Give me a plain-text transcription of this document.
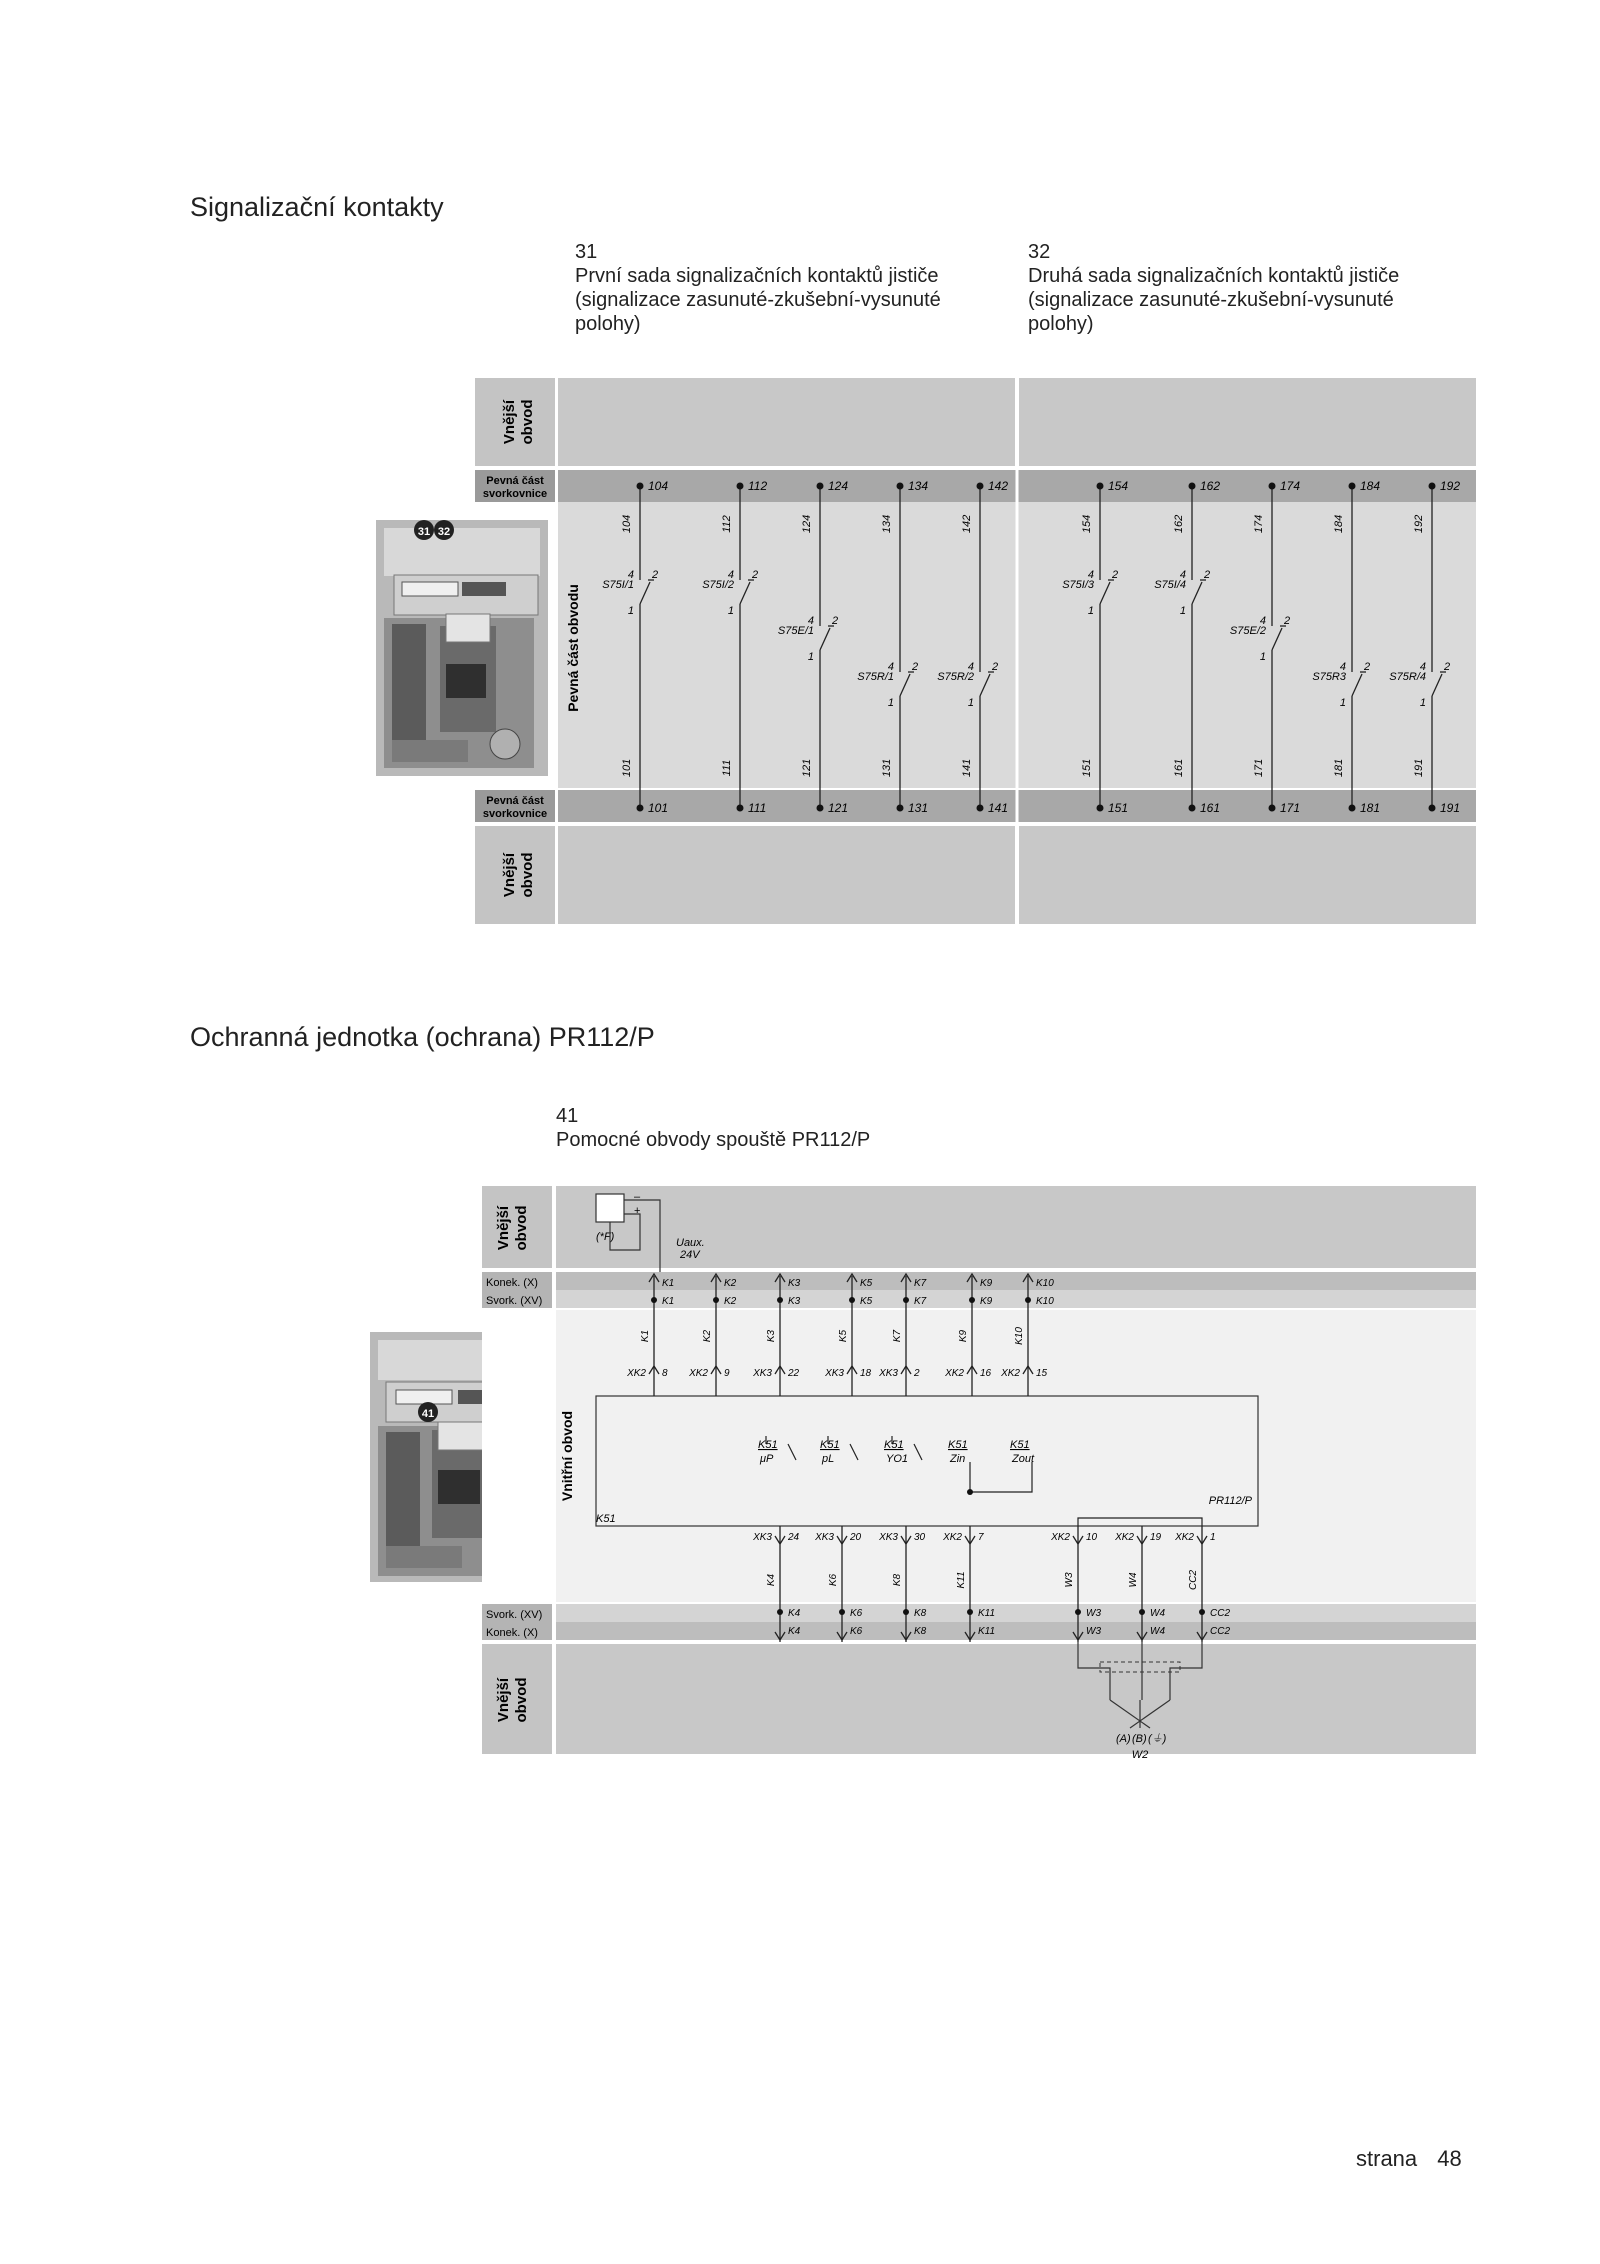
Signalizační kontakty
31
První sada signalizačních kontaktů jističe (signalizace zasunuté-zkušební-vysunuté polohy)
32
Druhá sada signalizačních kontaktů jističe (signalizace zasunuté-zkušební-vysunuté polohy)
31 32
Vnější obvod
Pevná část
svorkovnice
Pevná část
svorkovnice
Vnější obvod
Pevná část obvodu
104
101
104
101
S75I/1
4 2
1
112
111
112
111
S75I/2
4 2
1
124
121
124
121
S75E/1
4 2
1
134
131
134
131
S75R/1
4 2
1
142
141
142
141
S75R/2
4 2
1
154
151
154
151
S75I/3
4 2
1
162
161
162
161
S75I/4
4 2
1
174
171
174
171
S75E/2
4 2
1
184
181
184
181
S75R3
4 2
1
192
191
192
191
S75R/4
4 2
1
Ochranná jednotka (ochrana) PR112/P
41
Pomocné obvody spouště PR112/P
41
Vnější obvod
Konek. (X)
Svork. (XV)
Svork. (XV)
Konek. (X)
Vnitřní obvod
Vnější obvod
–
+
(*F)	Uaux.
24V
PR112/P
K51
K1
K1
K1
XK2 8
K2
K2
K2
XK2 9
K3
K3
K3
XK3 22
K5
K5
K5
XK3 18
K7
K7
K7
XK3 2
K9
K9
K9
XK2 16
K10
K10
K10
XK2 15
K51
μP
K51
pL
K51
YO1
K51
Zin
K51
Zout
XK3 24
K4
K4
K4
XK3 20
K6
K6
K6
XK3 30
K8
K8
K8
XK2 7
K11
K11
K11
XK2 10
W3
W3
W3
XK2 19
W4
W4
W4
XK2 1
CC2
CC2
CC2
(A) (B) (⏚)
W2
strana 48
